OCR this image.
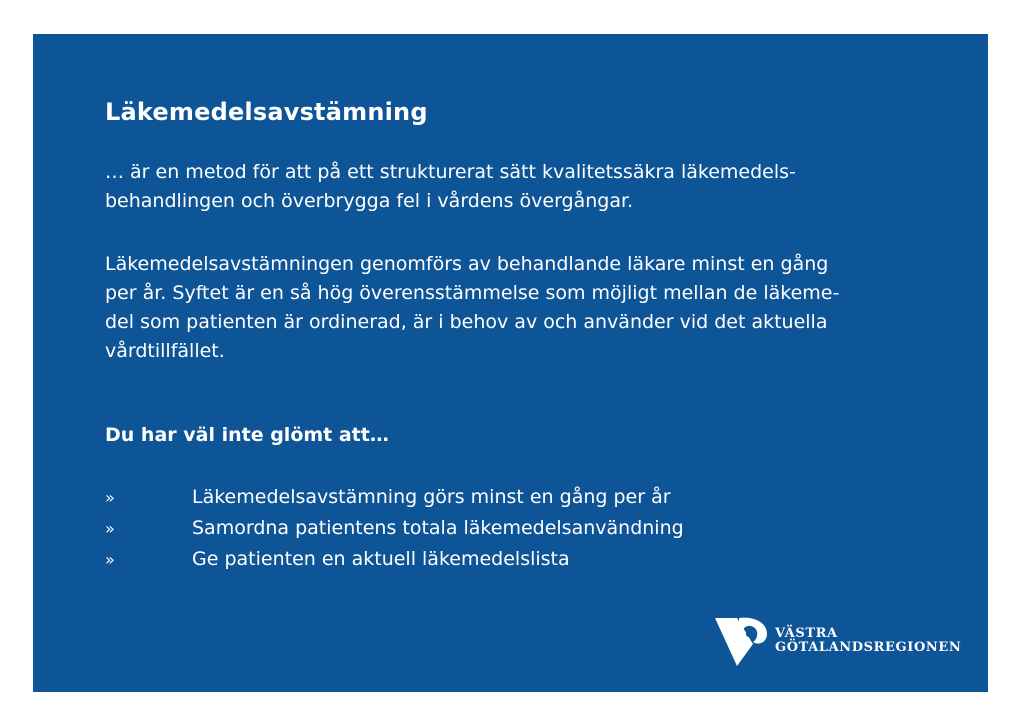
Läkemedelsavstämning

… är en metod för att på ett strukturerat sätt kvalitetssäkra läkemedels-
behandlingen och överbrygga fel i vårdens övergångar.

Läkemedelsavstämningen genomförs av behandlande läkare minst en gång
per år. Syftet är en så hög överensstämmelse som möjligt mellan de läkeme-
del som patienten är ordinerad, är i behov av och använder vid det aktuella
vårdtillfället.

Du har väl inte glömt att…
»	Läkemedelsavstämning görs minst en gång per år
»	Samordna patientens totala läkemedelsanvändning
»	Ge patienten en aktuell läkemedelslista
VÄSTRA
GÖTALANDSREGIONEN
